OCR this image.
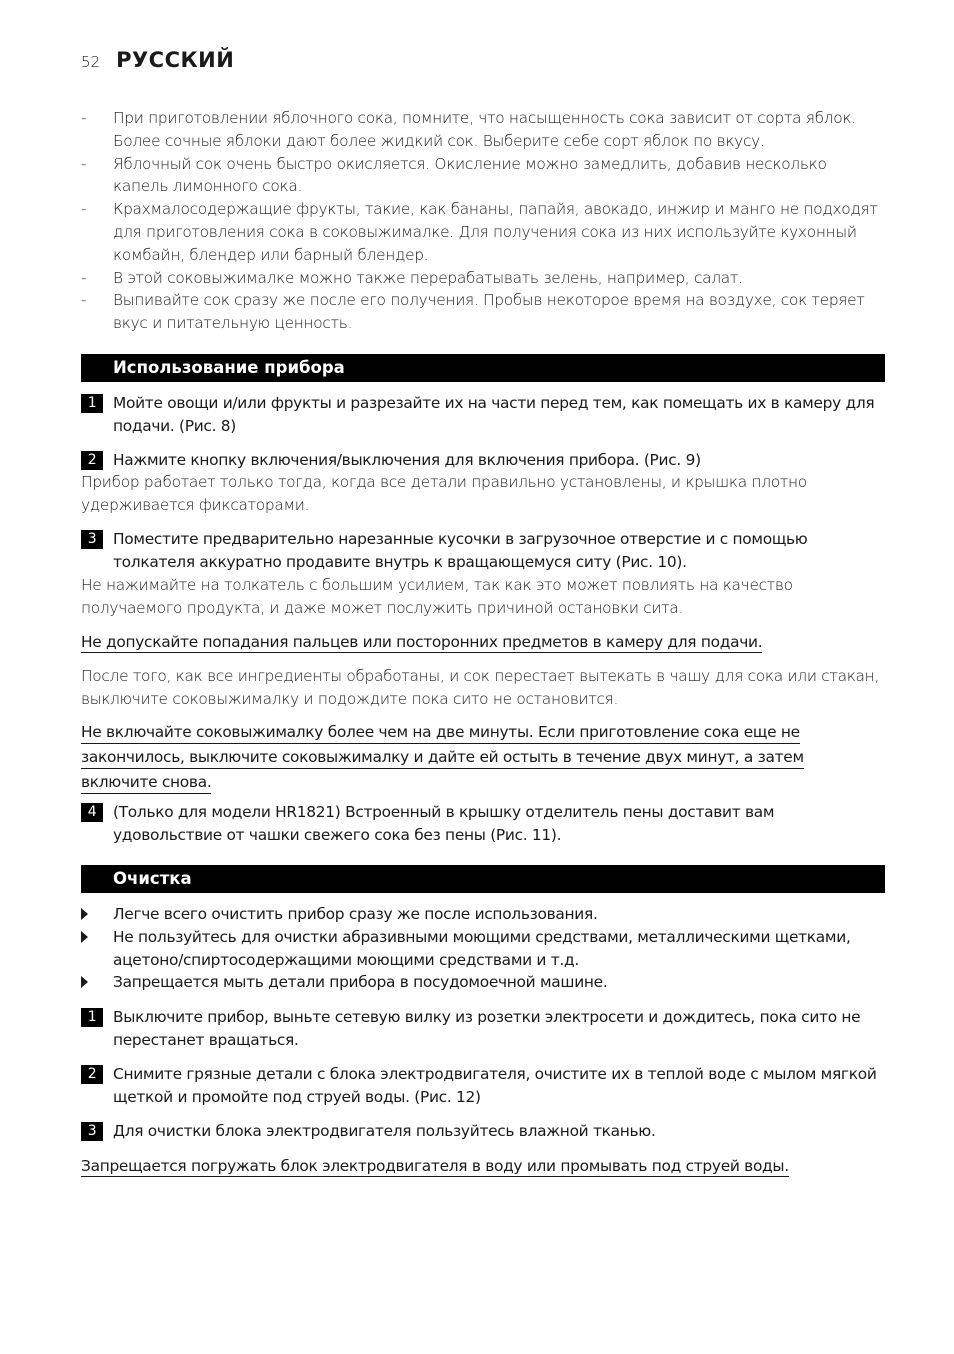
52 РУССКИЙ
- При приготовлении яблочного сока, помните, что насыщенность сока зависит от сорта яблок. Более сочные яблоки дают более жидкий сок. Выберите себе сорт яблок по вкусу.
- Яблочный сок очень быстро окисляется. Окисление можно замедлить, добавив несколько капель лимонного сока.
- Крахмалосодержащие фрукты, такие, как бананы, папайя, авокадо, инжир и манго не подходят для приготовления сока в соковыжималке. Для получения сока из них используйте кухонный комбайн, блендер или барный блендер.
- В этой соковыжималке можно также перерабатывать зелень, например, салат.
- Выпивайте сок сразу же после его получения. Пробыв некоторое время на воздухе, сок теряет вкус и питательную ценность.
Использование прибора
1	Мойте овощи и/или фрукты и разрезайте их на части перед тем, как помещать их в камеру для подачи. (Рис. 8)
2	Нажмите кнопку включения/выключения для включения прибора. (Рис. 9)
Прибор работает только тогда, когда все детали правильно установлены, и крышка плотно удерживается фиксаторами.
3	Поместите предварительно нарезанные кусочки в загрузочное отверстие и с помощью толкателя аккуратно продавите внутрь к вращающемуся ситу (Рис. 10).
Не нажимайте на толкатель с большим усилием, так как это может повлиять на качество получаемого продукта, и даже может послужить причиной остановки сита.
Не допускайте попадания пальцев или посторонних предметов в камеру для подачи.
После того, как все ингредиенты обработаны, и сок перестает вытекать в чашу для сока или стакан, выключите соковыжималку и подождите пока сито не остановится.
Не включайте соковыжималку более чем на две минуты. Если приготовление сока еще не
закончилось, выключите соковыжималку и дайте ей остыть в течение двух минут, а затем
включите снова.
4	(Только для модели HR1821) Встроенный в крышку отделитель пены доставит вам удовольствие от чашки свежего сока без пены (Рис. 11).
Очистка
Легче всего очистить прибор сразу же после использования.
Не пользуйтесь для очистки абразивными моющими средствами, металлическими щетками, ацетоно/спиртосодержащими моющими средствами и т.д.
Запрещается мыть детали прибора в посудомоечной машине.
1	Выключите прибор, выньте сетевую вилку из розетки электросети и дождитесь, пока сито не перестанет вращаться.
2	Снимите грязные детали с блока электродвигателя, очистите их в теплой воде с мылом мягкой щеткой и промойте под струей воды. (Рис. 12)
3	Для очистки блока электродвигателя пользуйтесь влажной тканью.
Запрещается погружать блок электродвигателя в воду или промывать под струей воды.
